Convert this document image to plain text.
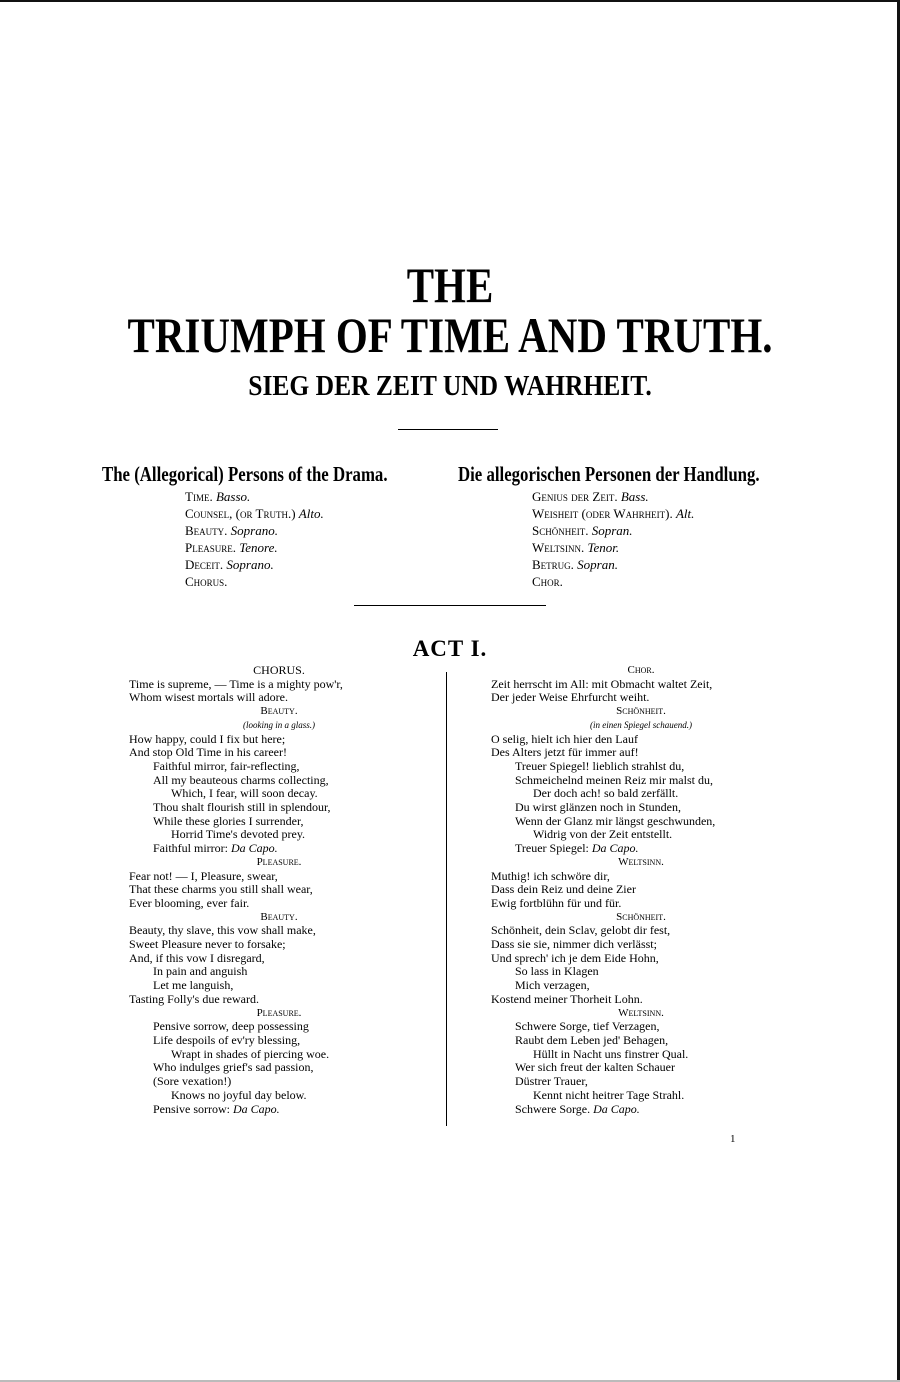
THE
TRIUMPH OF TIME AND TRUTH.
SIEG DER ZEIT UND WAHRHEIT.
The (Allegorical) Persons of the Drama.	Die allegorischen Personen der Handlung.
Time. Basso.
Counsel, (or Truth.) Alto.
Beauty. Soprano.
Pleasure. Tenore.
Deceit. Soprano.
Chorus.
Genius der Zeit. Bass.
Weisheit (oder Wahrheit). Alt.
Schönheit. Sopran.
Weltsinn. Tenor.
Betrug. Sopran.
Chor.
ACT I.
CHORUS.
Time is supreme, — Time is a mighty pow'r,
Whom wisest mortals will adore.
Beauty.
(looking in a glass.)
How happy, could I fix but here;
And stop Old Time in his career!
Faithful mirror, fair-reflecting,
All my beauteous charms collecting,
Which, I fear, will soon decay.
Thou shalt flourish still in splendour,
While these glories I surrender,
Horrid Time's devoted prey.
Faithful mirror: Da Capo.
Pleasure.
Fear not! — I, Pleasure, swear,
That these charms you still shall wear,
Ever blooming, ever fair.
Beauty.
Beauty, thy slave, this vow shall make,
Sweet Pleasure never to forsake;
And, if this vow I disregard,
In pain and anguish
Let me languish,
Tasting Folly's due reward.
Pleasure.
Pensive sorrow, deep possessing
Life despoils of ev'ry blessing,
Wrapt in shades of piercing woe.
Who indulges grief's sad passion,
(Sore vexation!)
Knows no joyful day below.
Pensive sorrow: Da Capo.
Chor.
Zeit herrscht im All: mit Obmacht waltet Zeit,
Der jeder Weise Ehrfurcht weiht.
Schönheit.
(in einen Spiegel schauend.)
O selig, hielt ich hier den Lauf
Des Alters jetzt für immer auf!
Treuer Spiegel! lieblich strahlst du,
Schmeichelnd meinen Reiz mir malst du,
Der doch ach! so bald zerfällt.
Du wirst glänzen noch in Stunden,
Wenn der Glanz mir längst geschwunden,
Widrig von der Zeit entstellt.
Treuer Spiegel: Da Capo.
Weltsinn.
Muthig! ich schwöre dir,
Dass dein Reiz und deine Zier
Ewig fortblühn für und für.
Schönheit.
Schönheit, dein Sclav, gelobt dir fest,
Dass sie sie, nimmer dich verlässt;
Und sprech' ich je dem Eide Hohn,
So lass in Klagen
Mich verzagen,
Kostend meiner Thorheit Lohn.
Weltsinn.
Schwere Sorge, tief Verzagen,
Raubt dem Leben jed' Behagen,
Hüllt in Nacht uns finstrer Qual.
Wer sich freut der kalten Schauer
Düstrer Trauer,
Kennt nicht heitrer Tage Strahl.
Schwere Sorge. Da Capo.
1
